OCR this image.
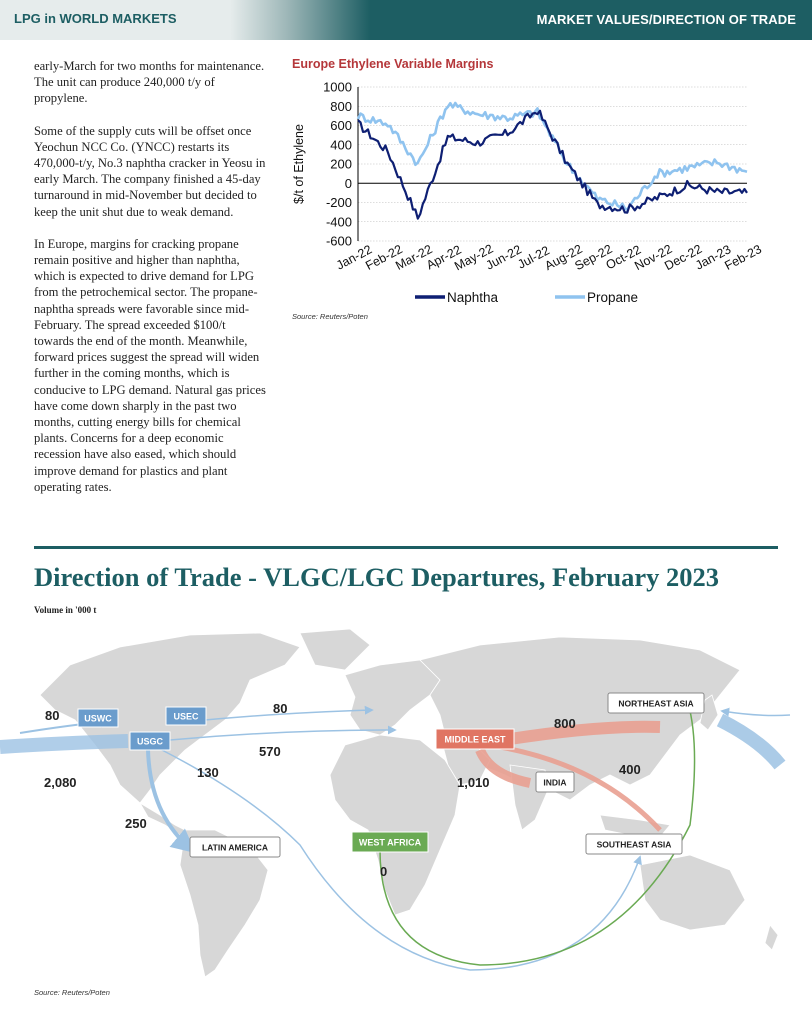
LPG in WORLD MARKETS	MARKET VALUES/DIRECTION OF TRADE

early-March for two months for maintenance. The unit can produce 240,000 t/y of propylene.

Some of the supply cuts will be offset once Yeochun NCC Co. (YNCC) restarts its 470,000-t/y, No.3 naphtha cracker in Yeosu in early March. The company finished a 45-day turnaround in mid-November but decided to keep the unit shut due to weak demand.

In Europe, margins for cracking propane remain positive and higher than naphtha, which is expected to drive demand for LPG from the petrochemical sector. The propane-naphtha spreads were favorable since mid-February. The spread exceeded $100/t towards the end of the month. Meanwhile, forward prices suggest the spread will widen further in the coming months, which is conducive to LPG demand. Natural gas prices have come down sharply in the past two months, cutting energy bills for chemical plants. Concerns for a deep economic recession have also eased, which should improve demand for plastics and plant operating rates.

Europe Ethylene Variable Margins
1000
800
600
400
200
0
-200
-400
-600
$/t of Ethylene
Jan-22
Feb-22
Mar-22
Apr-22
May-22
Jun-22
Jul-22
Aug-22
Sep-22
Oct-22
Nov-22
Dec-22
Jan-23
Feb-23
Naphtha	Propane
Source: Reuters/Poten
Direction of Trade - VLGC/LGC Departures, February 2023
Volume in '000 t
USWC	USEC
USGC	MIDDLE EAST
WEST AFRICA
NORTHEAST ASIA
INDIA
SOUTHEAST ASIA
LATIN AMERICA
80
2,080
80
570
130
250
800
1,010
400
0
Source: Reuters/Poten
